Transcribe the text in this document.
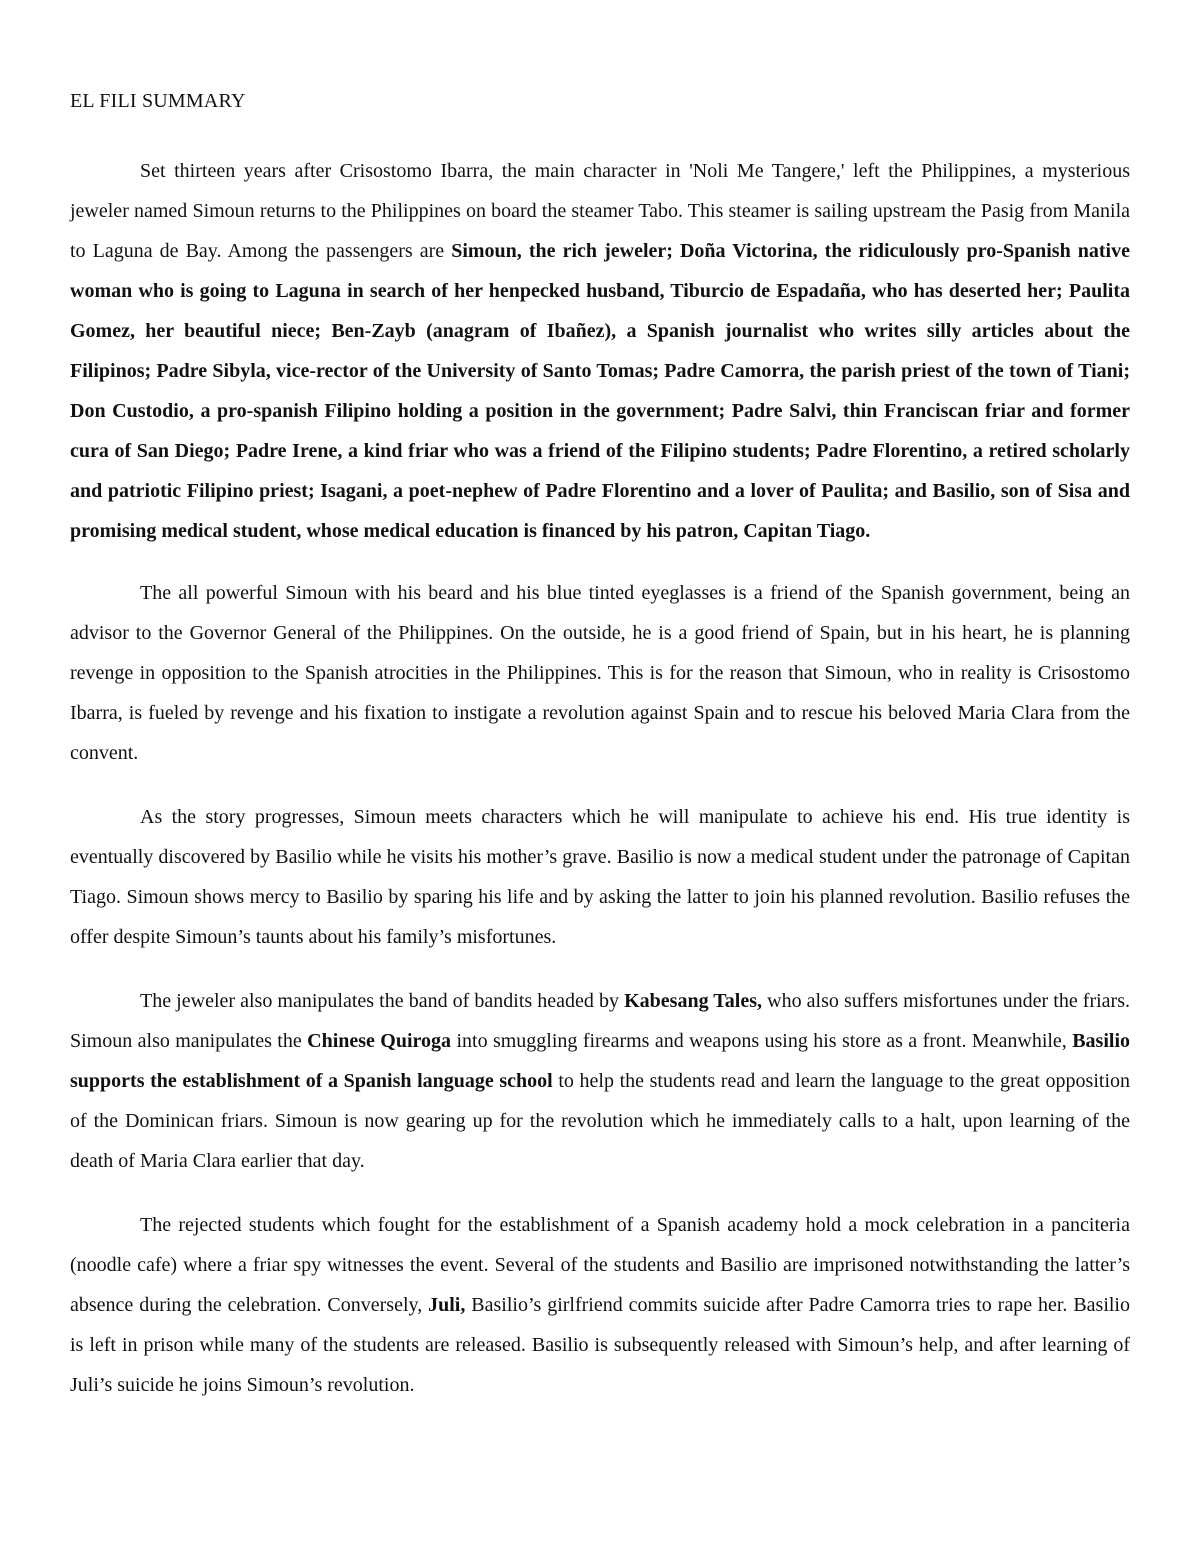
EL FILI SUMMARY

Set thirteen years after Crisostomo Ibarra, the main character in 'Noli Me Tangere,' left the Philippines, a mysterious jeweler named Simoun returns to the Philippines on board the steamer Tabo. This steamer is sailing upstream the Pasig from Manila to Laguna de Bay. Among the passengers are Simoun, the rich jeweler; Doña Victorina, the ridiculously pro-Spanish native woman who is going to Laguna in search of her henpecked husband, Tiburcio de Espadaña, who has deserted her; Paulita Gomez, her beautiful niece; Ben-Zayb (anagram of Ibañez), a Spanish journalist who writes silly articles about the Filipinos; Padre Sibyla, vice-rector of the University of Santo Tomas; Padre Camorra, the parish priest of the town of Tiani; Don Custodio, a pro-spanish Filipino holding a position in the government; Padre Salvi, thin Franciscan friar and former cura of San Diego; Padre Irene, a kind friar who was a friend of the Filipino students; Padre Florentino, a retired scholarly and patriotic Filipino priest; Isagani, a poet-nephew of Padre Florentino and a lover of Paulita; and Basilio, son of Sisa and promising medical student, whose medical education is financed by his patron, Capitan Tiago.

The all powerful Simoun with his beard and his blue tinted eyeglasses is a friend of the Spanish government, being an advisor to the Governor General of the Philippines. On the outside, he is a good friend of Spain, but in his heart, he is planning revenge in opposition to the Spanish atrocities in the Philippines. This is for the reason that Simoun, who in reality is Crisostomo Ibarra, is fueled by revenge and his fixation to instigate a revolution against Spain and to rescue his beloved Maria Clara from the convent.

As the story progresses, Simoun meets characters which he will manipulate to achieve his end. His true identity is eventually discovered by Basilio while he visits his mother’s grave. Basilio is now a medical student under the patronage of Capitan Tiago. Simoun shows mercy to Basilio by sparing his life and by asking the latter to join his planned revolution. Basilio refuses the offer despite Simoun’s taunts about his family’s misfortunes.

The jeweler also manipulates the band of bandits headed by Kabesang Tales, who also suffers misfortunes under the friars. Simoun also manipulates the Chinese Quiroga into smuggling firearms and weapons using his store as a front. Meanwhile, Basilio supports the establishment of a Spanish language school to help the students read and learn the language to the great opposition of the Dominican friars. Simoun is now gearing up for the revolution which he immediately calls to a halt, upon learning of the death of Maria Clara earlier that day.

The rejected students which fought for the establishment of a Spanish academy hold a mock celebration in a panciteria (noodle cafe) where a friar spy witnesses the event. Several of the students and Basilio are imprisoned notwithstanding the latter’s absence during the celebration. Conversely, Juli, Basilio’s girlfriend commits suicide after Padre Camorra tries to rape her. Basilio is left in prison while many of the students are released. Basilio is subsequently released with Simoun’s help, and after learning of Juli’s suicide he joins Simoun’s revolution.
